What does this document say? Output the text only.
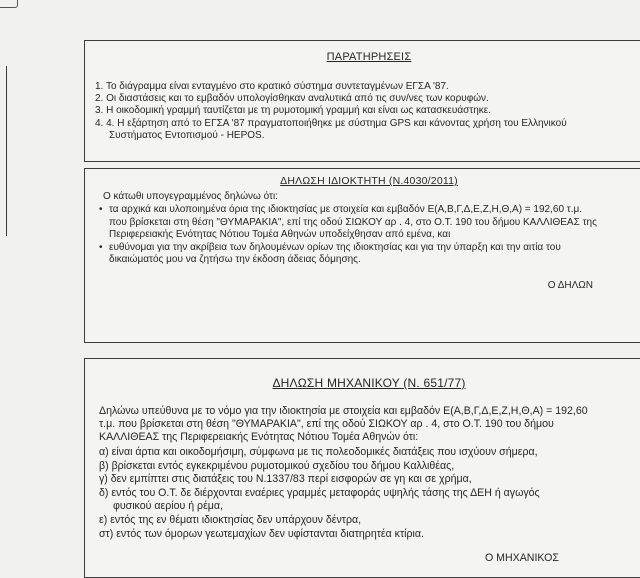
ΠΑΡΑΤΗΡΗΣΕΙΣ
1. Το διάγραμμα είναι ενταγμένο στο κρατικό σύστημα συντεταγμένων ΕΓΣΑ '87.
2. Οι διαστάσεις και το εμβαδόν υπολογίσθηκαν αναλυτικά από τις συν/νες των κορυφών.
3. Η οικοδομική γραμμή ταυτίζεται με τη ρυμοτομική γραμμή και είναι ως κατασκευάστηκε.
4. 4. Η εξάρτηση από το ΕΓΣΑ '87 πραγματοποιήθηκε με σύστημα GPS και κάνοντας χρήση του Ελληνικού
Συστήματος Εντοπισμού - HEPOS.
ΔΗΛΩΣΗ ΙΔΙΟΚΤΗΤΗ (Ν.4030/2011)
Ο κάτωθι υπογεγραμμένος δηλώνω ότι:
• τα αρχικά και υλοποιημένα όρια της ιδιοκτησίας με στοιχεία και εμβαδόν Ε(Α,Β,Γ,Δ,Ε,Ζ,Η,Θ,Α) = 192,60 τ.μ.
που βρίσκεται στη θέση "ΘΥΜΑΡΑΚΙΑ", επί της οδού ΣΙΩΚΟΥ αρ . 4, στο Ο.Τ. 190 του δήμου ΚΑΛΛΙΘΕΑΣ της
Περιφερειακής Ενότητας Νότιου Τομέα Αθηνών υποδείχθησαν από εμένα, και
• ευθύνομαι για την ακρίβεια των δηλουμένων ορίων της ιδιοκτησίας και για την ύπαρξη και την αιτία του
δικαιώματός μου να ζητήσω την έκδοση άδειας δόμησης.
Ο ΔΗΛΩΝ
ΔΗΛΩΣΗ ΜΗΧΑΝΙΚΟΥ (Ν. 651/77)
Δηλώνω υπεύθυνα με το νόμο για την ιδιοκτησία με στοιχεία και εμβαδόν Ε(Α,Β,Γ,Δ,Ε,Ζ,Η,Θ,Α) = 192,60
τ.μ. που βρίσκεται στη θέση "ΘΥΜΑΡΑΚΙΑ", επί της οδού ΣΙΩΚΟΥ αρ . 4, στο Ο.Τ. 190 του δήμου
ΚΑΛΛΙΘΕΑΣ της Περιφερειακής Ενότητας Νότιου Τομέα Αθηνών ότι:
α) είναι άρτια και οικοδομήσιμη, σύμφωνα με τις πολεοδομικές διατάξεις που ισχύουν σήμερα,
β) βρίσκεται εντός εγκεκριμένου ρυμοτομικού σχεδίου του δήμου Καλλιθέας,
γ) δεν εμπίπτει στις διατάξεις του Ν.1337/83 περί εισφορών σε γη και σε χρήμα,
δ) εντός του Ο.Τ. δε διέρχονται εναέριες γραμμές μεταφοράς υψηλής τάσης της ΔΕΗ ή αγωγός
φυσικού αερίου ή ρέμα,
ε) εντός της εν θέματι ιδιοκτησίας δεν υπάρχουν δέντρα,
στ) εντός των όμορων γεωτεμαχίων δεν υφίστανται διατηρητέα κτίρια.
Ο ΜΗΧΑΝΙΚΟΣ
